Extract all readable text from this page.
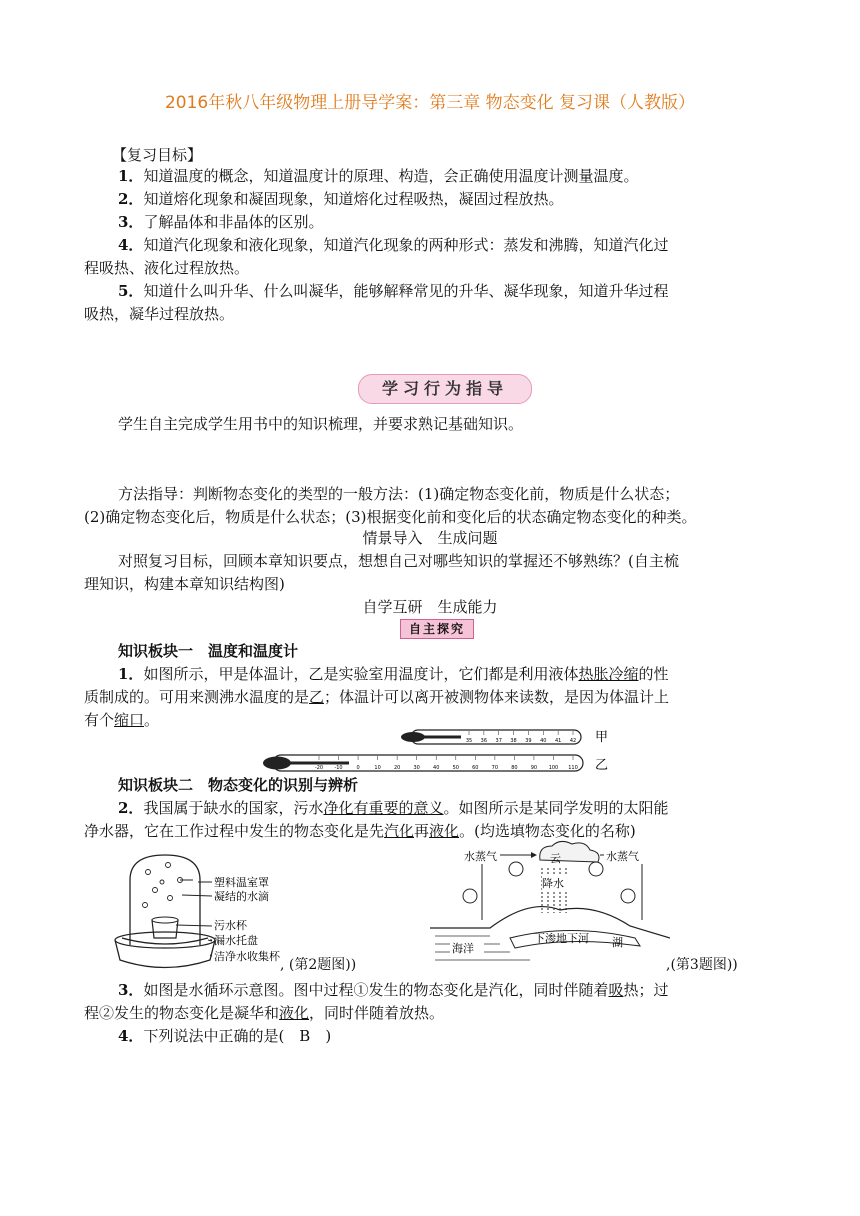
2016年秋八年级物理上册导学案：第三章 物态变化 复习课（人教版）
【复习目标】
1．知道温度的概念，知道温度计的原理、构造，会正确使用温度计测量温度。
2．知道熔化现象和凝固现象，知道熔化过程吸热，凝固过程放热。
3．了解晶体和非晶体的区别。
4．知道汽化现象和液化现象，知道汽化现象的两种形式：蒸发和沸腾，知道汽化过
程吸热、液化过程放热。
5．知道什么叫升华、什么叫凝华，能够解释常见的升华、凝华现象，知道升华过程
吸热，凝华过程放热。
学习行为指导
学生自主完成学生用书中的知识梳理，并要求熟记基础知识。
方法指导：判断物态变化的类型的一般方法：(1)确定物态变化前，物质是什么状态；
(2)确定物态变化后，物质是什么状态；(3)根据变化前和变化后的状态确定物态变化的种类。
情景导入　生成问题
对照复习目标，回顾本章知识要点，想想自己对哪些知识的掌握还不够熟练？(自主梳
理知识，构建本章知识结构图)
自学互研　生成能力
自主探究
知识板块一　温度和温度计
1．如图所示，甲是体温计，乙是实验室用温度计，它们都是利用液体热胀冷缩的性
质制成的。可用来测沸水温度的是乙；体温计可以离开被测物体来读数，是因为体温计上
有个缩口。
35 36 37 38 39 40 41 42
-20 -10	0	10	20	30	40	50	60	70	80	90 100 110
甲
乙
知识板块二　物态变化的识别与辨析
2．我国属于缺水的国家，污水净化有重要的意义。如图所示是某同学发明的太阳能
净水器，它在工作过程中发生的物态变化是先汽化再液化。(均选填物态变化的名称)
塑料温室罩
凝结的水滴
污水杯
漏水托盘
洁净水收集杯
, (第2题图))
云
水蒸气	水蒸气
降水
海洋
下渗地下河 湖
,(第3题图))
3．如图是水循环示意图。图中过程①发生的物态变化是汽化，同时伴随着吸热；过
程②发生的物态变化是凝华和液化，同时伴随着放热。
4．下列说法中正确的是(　B　)
